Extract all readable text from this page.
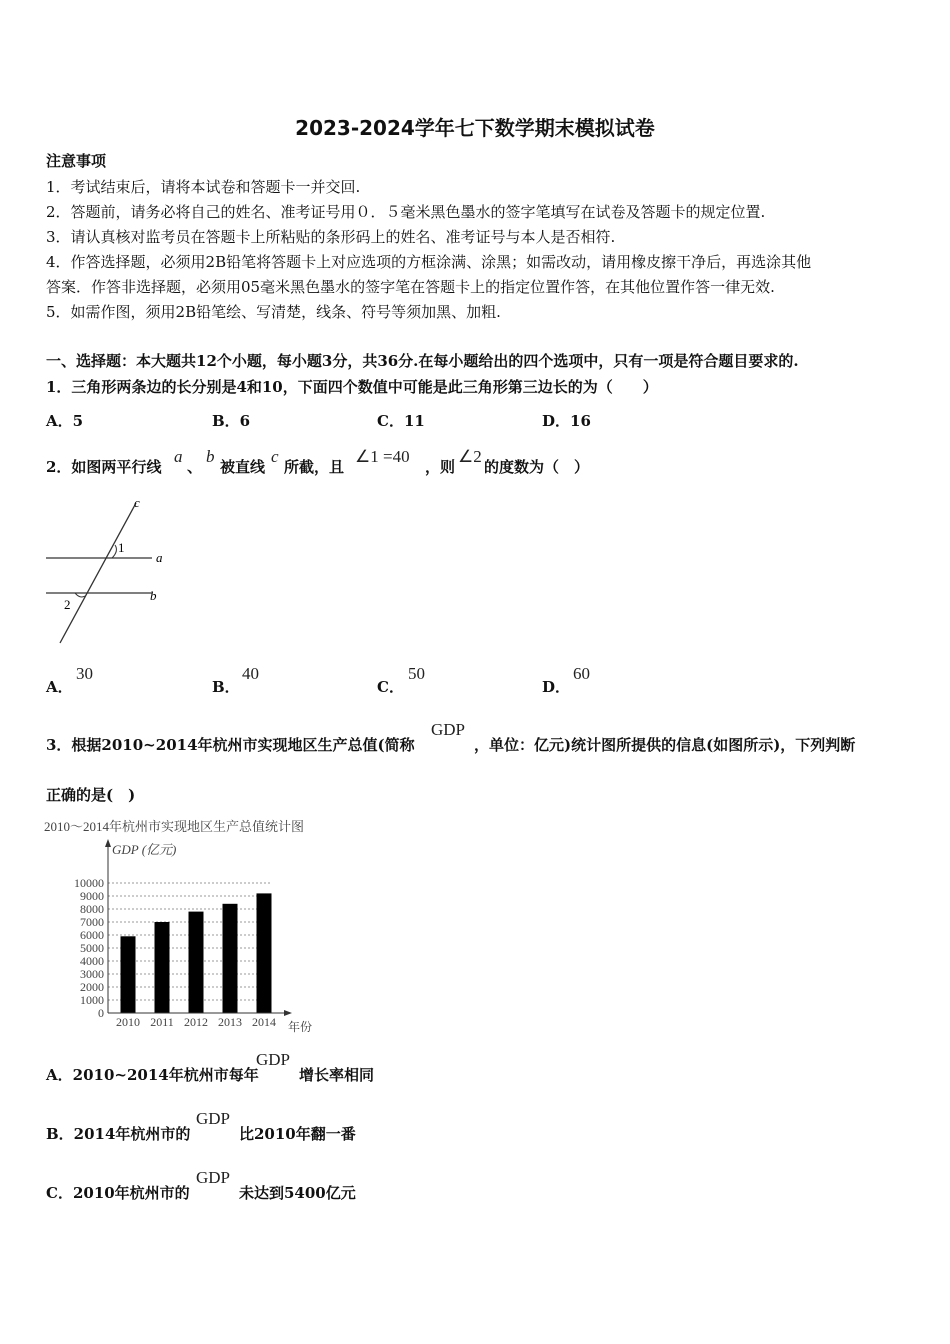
2023-2024学年七下数学期末模拟试卷
注意事项
1．考试结束后，请将本试卷和答题卡一并交回.
2．答题前，请务必将自己的姓名、准考证号用０．５毫米黑色墨水的签字笔填写在试卷及答题卡的规定位置.
3．请认真核对监考员在答题卡上所粘贴的条形码上的姓名、准考证号与本人是否相符.
4．作答选择题，必须用2B铅笔将答题卡上对应选项的方框涂满、涂黑；如需改动，请用橡皮擦干净后，再选涂其他
答案．作答非选择题，必须用05毫米黑色墨水的签字笔在答题卡上的指定位置作答，在其他位置作答一律无效.
5．如需作图，须用2B铅笔绘、写清楚，线条、符号等须加黑、加粗.
一、选择题：本大题共12个小题，每小题3分，共36分.在每小题给出的四个选项中，只有一项是符合题目要求的.
1．三角形两条边的长分别是4和10，下面四个数值中可能是此三角形第三边长的为（　　）
A．5	B．6	C．11	D．16
2．如图两平行线
a
、
b
被直线
c
所截，且
∠1 =40
，则
∠2
的度数为（　）
c
a
b
1
2
A．
30
B．
40
C．
50
D．
60
3．根据2010~2014年杭州市实现地区生产总值(简称
GDP
，单位：亿元)统计图所提供的信息(如图所示)，下列判断
正确的是(　)
2010～2014年杭州市实现地区生产总值统计图
GDP (亿元)
年份
0
1000
2000
3000
4000
5000
6000
7000
8000
9000
10000
2010 2011 2012 2013 2014
A．2010~2014年杭州市每年
GDP
增长率相同
B．2014年杭州市的
GDP
比2010年翻一番
C．2010年杭州市的
GDP
未达到5400亿元
